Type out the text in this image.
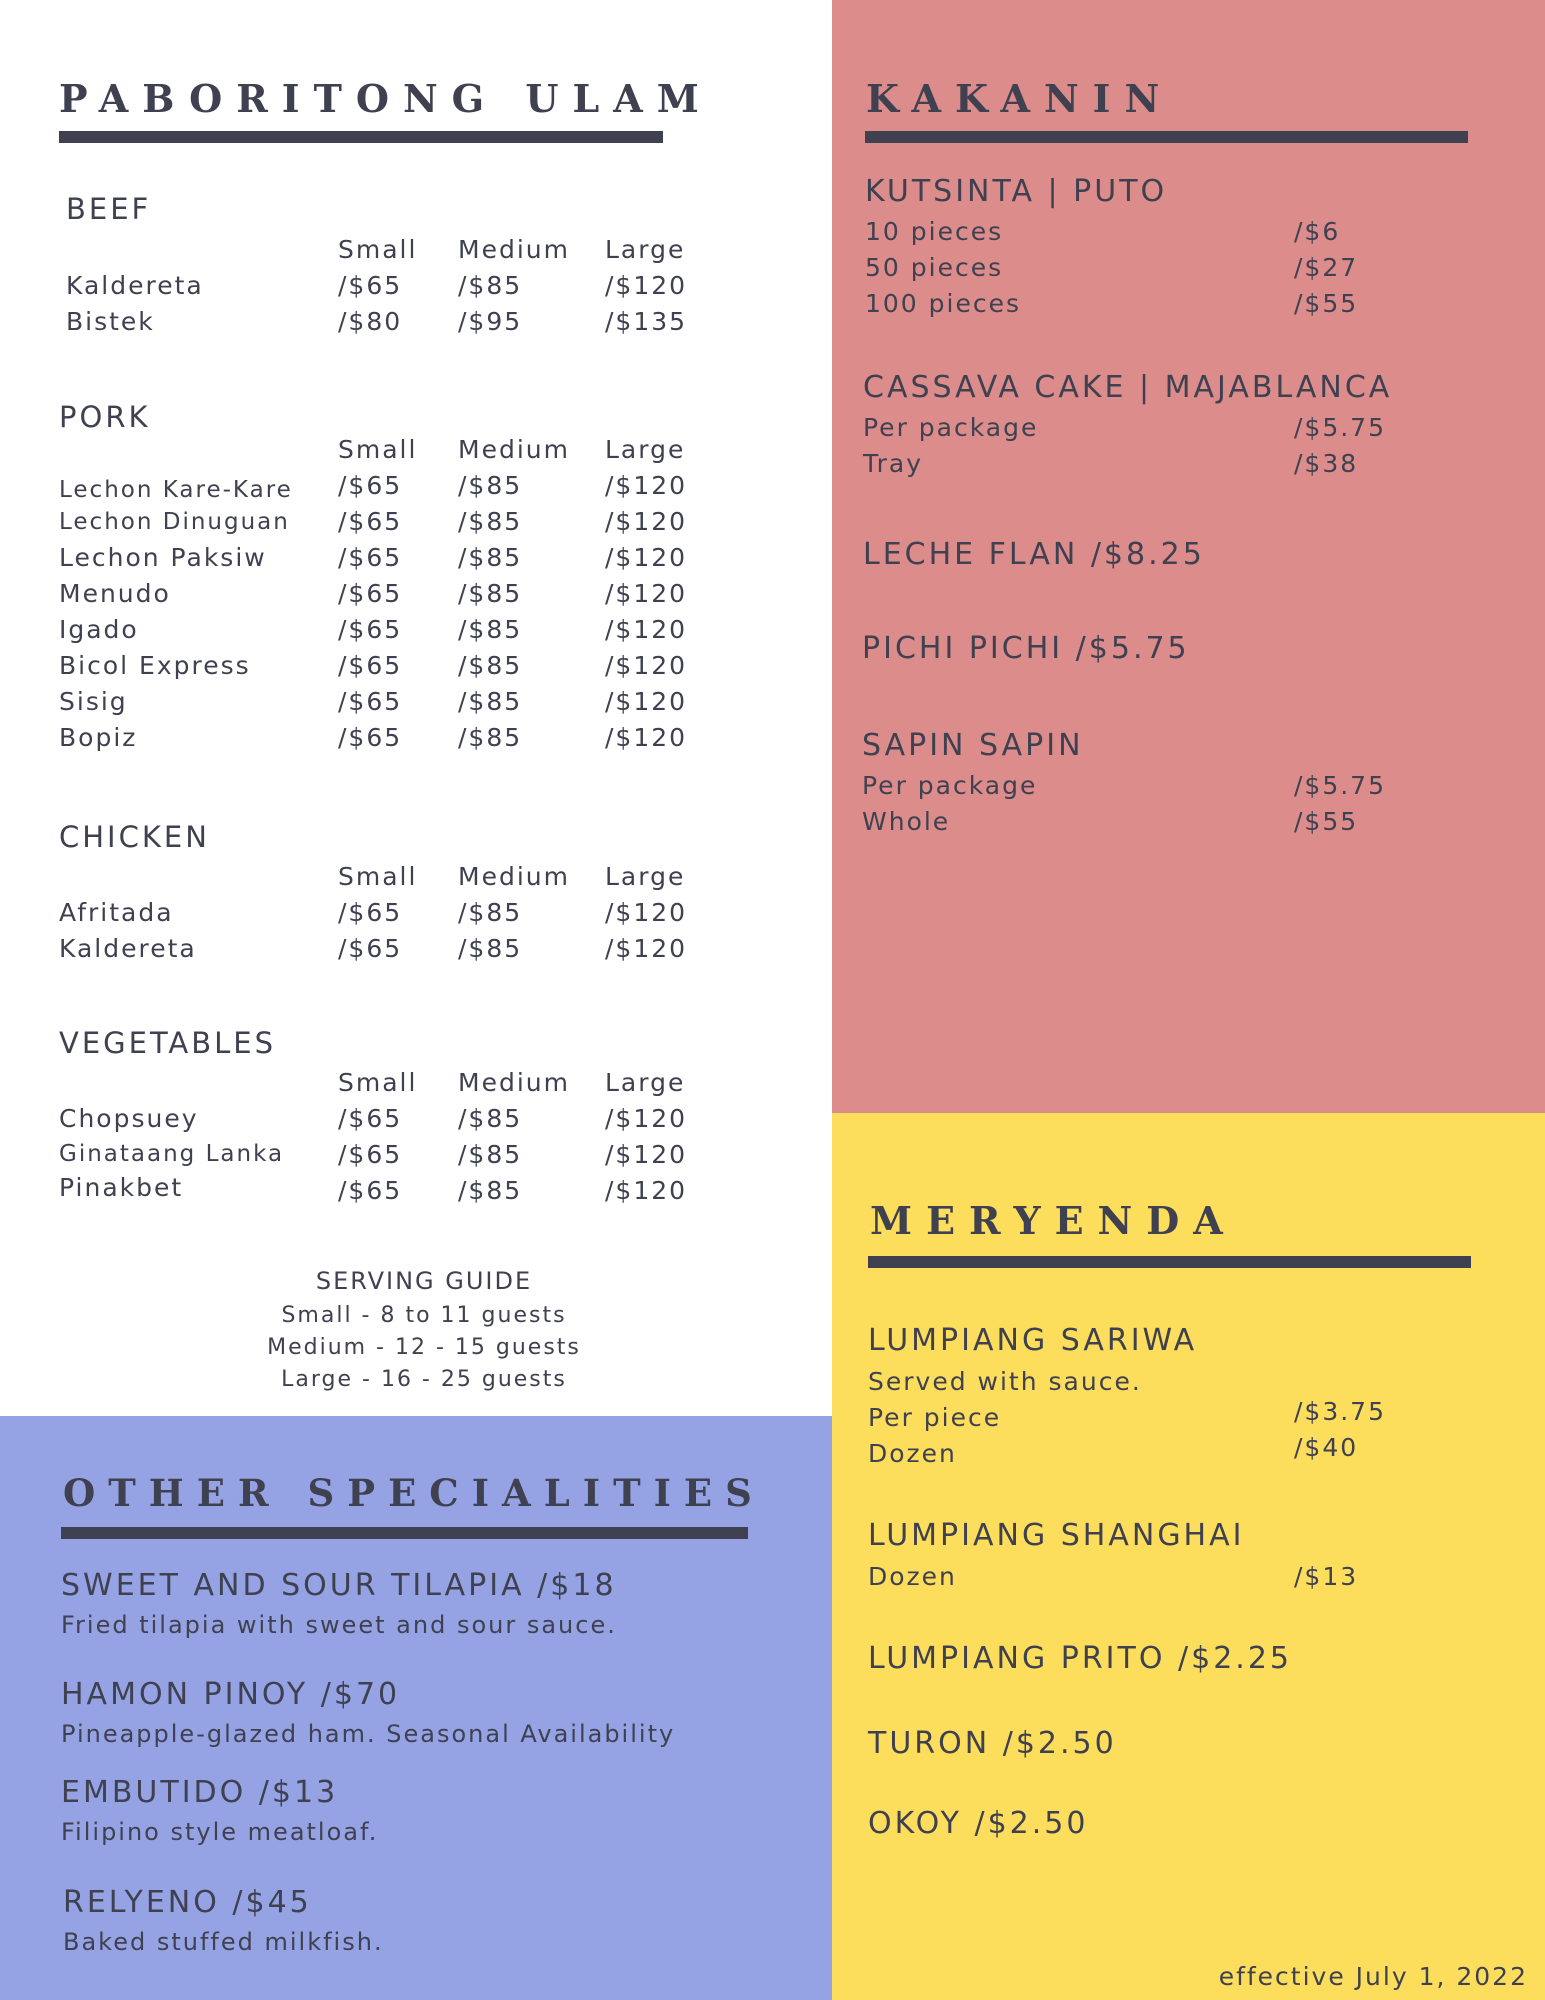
PABORITONG ULAM
BEEF
Small Medium Large
Kaldereta	/$65 /$85	/$120
Bistek	/$80 /$95	/$135
PORK
Small Medium Large
Lechon Kare-Kare /$65 /$85	/$120
Lechon Dinuguan /$65 /$85	/$120
Lechon Paksiw	/$65 /$85	/$120
Menudo	/$65 /$85	/$120
Igado	/$65 /$85	/$120
Bicol Express	/$65 /$85	/$120
Sisig	/$65 /$85	/$120
Bopiz	/$65 /$85	/$120
CHICKEN
Small Medium Large
Afritada	/$65 /$85	/$120
Kaldereta	/$65 /$85	/$120
VEGETABLES
Small Medium Large
Chopsuey	/$65 /$85	/$120
Ginataang Lanka /$65 /$85	/$120
Pinakbet	/$65 /$85	/$120
SERVING GUIDE
Small - 8 to 11 guests
Medium - 12 - 15 guests
Large - 16 - 25 guests
OTHER SPECIALITIES
SWEET AND SOUR TILAPIA /$18
Fried tilapia with sweet and sour sauce.
HAMON PINOY /$70
Pineapple-glazed ham. Seasonal Availability
EMBUTIDO /$13
Filipino style meatloaf.
RELYENO /$45
Baked stuffed milkfish.
KAKANIN
KUTSINTA | PUTO
10 pieces	/$6
50 pieces	/$27
100 pieces	/$55
CASSAVA CAKE | MAJABLANCA
Per package	/$5.75
Tray	/$38
LECHE FLAN /$8.25
PICHI PICHI /$5.75
SAPIN SAPIN
Per package	/$5.75
Whole	/$55
MERYENDA
LUMPIANG SARIWA
Served with sauce.
Per piece	/$3.75
Dozen	/$40
LUMPIANG SHANGHAI
Dozen	/$13
LUMPIANG PRITO /$2.25
TURON /$2.50
OKOY /$2.50
effective July 1, 2022
